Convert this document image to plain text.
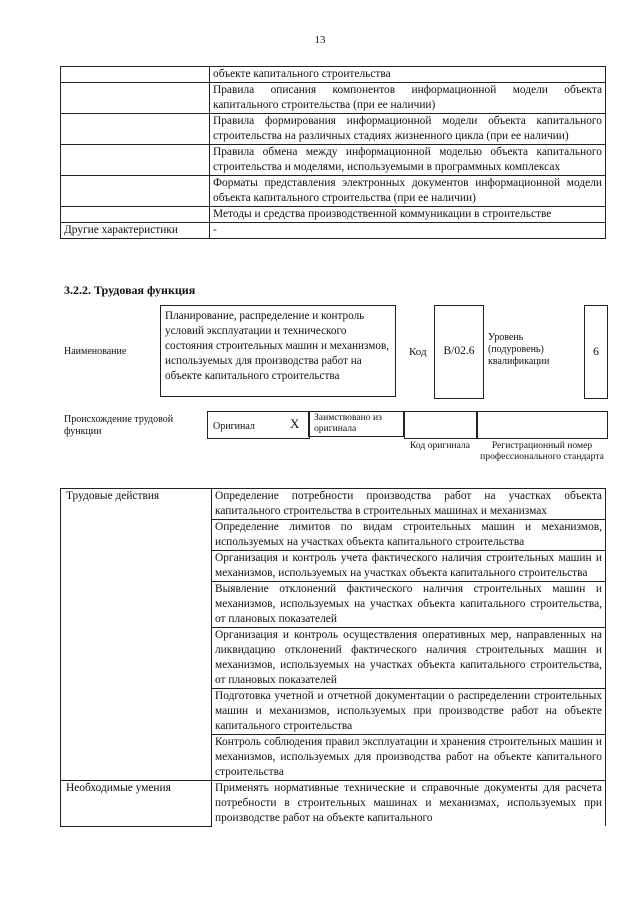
13
	объекте капитального строительства
	Правила описания компонентов информационной модели объекта капитального строительства (при ее наличии)
	Правила формирования информационной модели объекта капитального строительства на различных стадиях жизненного цикла (при ее наличии)
	Правила обмена между информационной моделью объекта капитального строительства и моделями, используемыми в программных комплексах
	Форматы представления электронных документов информационной модели объекта капитального строительства (при ее наличии)
	Методы и средства производственной коммуникации в строительстве
Другие характеристики	-
3.2.2. Трудовая функция
Наименование
Планирование, распределение и контроль условий эксплуатации и технического состояния строительных машин и механизмов, используемых для производства работ на объекте капитального строительства
Код	В/02.6
Уровень (подуровень) квалификации
6
Происхождение трудовой функции	Оригинал	X	Заимствовано из оригинала
Код оригинала	Регистрационный номер профессионального стандарта
Трудовые действия	Определение потребности производства работ на участках объекта капитального строительства в строительных машинах и механизмах
	Определение лимитов по видам строительных машин и механизмов, используемых на участках объекта капитального строительства
	Организация и контроль учета фактического наличия строительных машин и механизмов, используемых на участках объекта капитального строительства
	Выявление отклонений фактического наличия строительных машин и механизмов, используемых на участках объекта капитального строительства, от плановых показателей
	Организация и контроль осуществления оперативных мер, направленных на ликвидацию отклонений фактического наличия строительных машин и механизмов, используемых на участках объекта капитального строительства, от плановых показателей
	Подготовка учетной и отчетной документации о распределении строительных машин и механизмов, используемых при производстве работ на объекте капитального строительства
	Контроль соблюдения правил эксплуатации и хранения строительных машин и механизмов, используемых для производства работ на объекте капитального строительства
Необходимые умения	Применять нормативные технические и справочные документы для расчета потребности в строительных машинах и механизмах, используемых при производстве работ на объекте капитального
